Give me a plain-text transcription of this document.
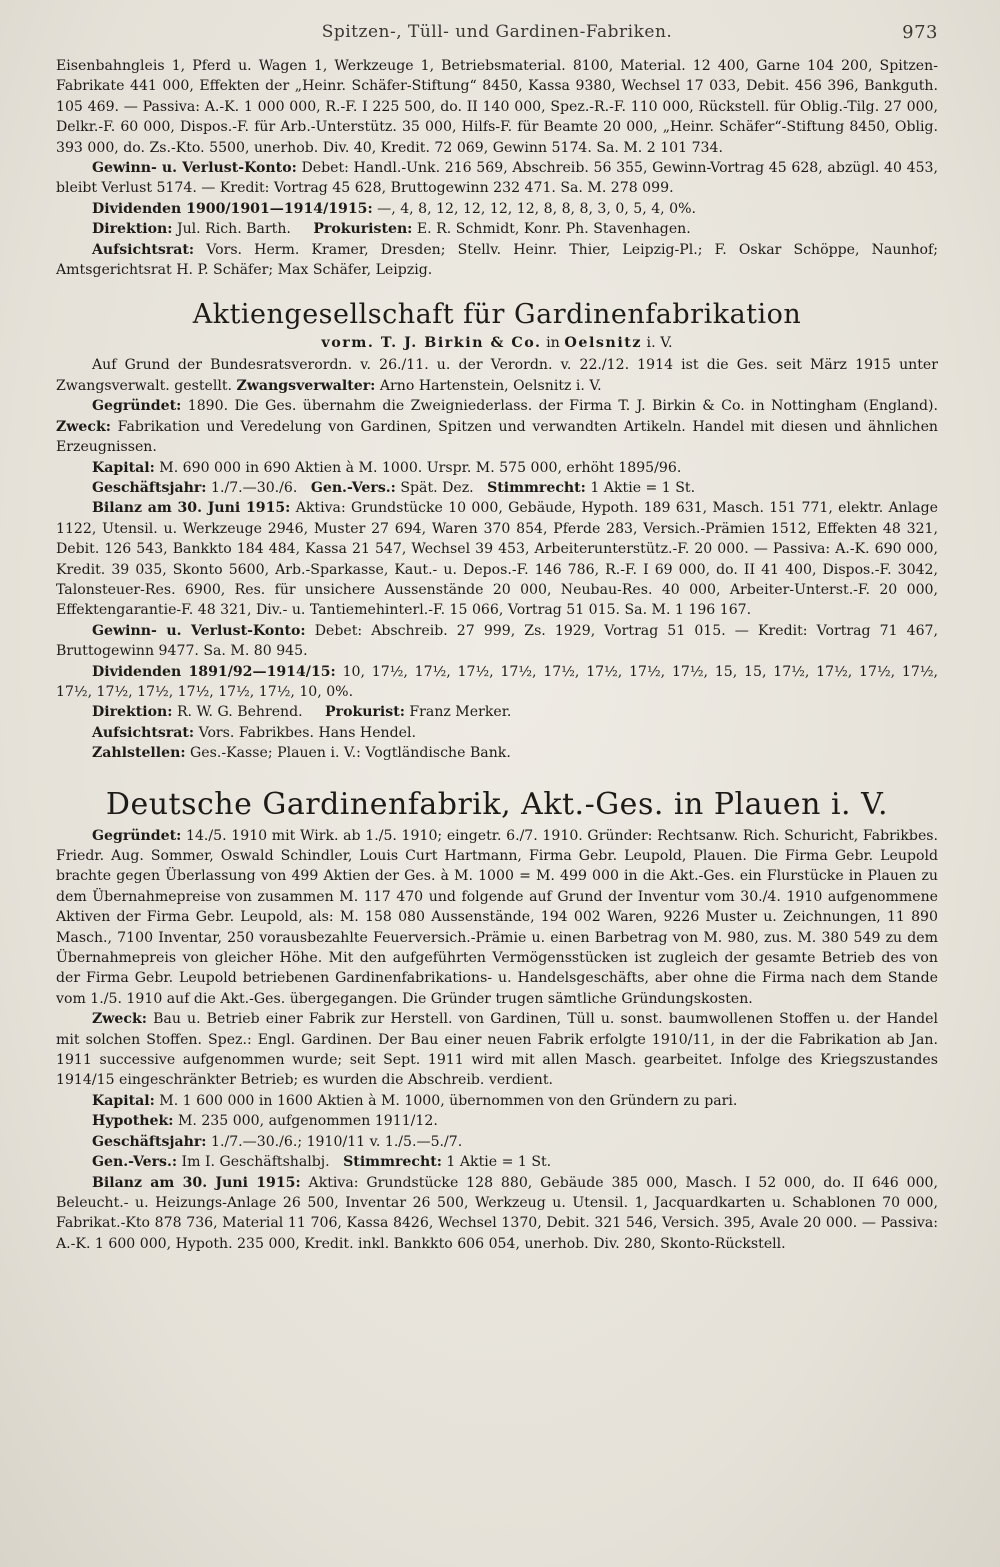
Spitzen-, Tüll- und Gardinen-Fabriken.	973

Eisenbahngleis 1, Pferd u. Wagen 1, Werkzeuge 1, Betriebsmaterial. 8100, Material. 12 400, Garne 104 200, Spitzen-Fabrikate 441 000, Effekten der „Heinr. Schäfer-Stiftung“ 8450, Kassa 9380, Wechsel 17 033, Debit. 456 396, Bankguth. 105 469. — Passiva: A.-K. 1 000 000, R.-F. I 225 500, do. II 140 000, Spez.-R.-F. 110 000, Rückstell. für Oblig.-Tilg. 27 000, Delkr.-F. 60 000, Dispos.-F. für Arb.-Unterstütz. 35 000, Hilfs-F. für Beamte 20 000, „Heinr. Schäfer“-Stiftung 8450, Oblig. 393 000, do. Zs.-Kto. 5500, unerhob. Div. 40, Kredit. 72 069, Gewinn 5174. Sa. M. 2 101 734.

Gewinn- u. Verlust-Konto: Debet: Handl.-Unk. 216 569, Abschreib. 56 355, Gewinn-Vortrag 45 628, abzügl. 40 453, bleibt Verlust 5174. — Kredit: Vortrag 45 628, Bruttogewinn 232 471. Sa. M. 278 099.

Dividenden 1900/1901—1914/1915: —, 4, 8, 12, 12, 12, 12, 8, 8, 8, 3, 0, 5, 4, 0%.

Direktion: Jul. Rich. Barth. Prokuristen: E. R. Schmidt, Konr. Ph. Stavenhagen.

Aufsichtsrat: Vors. Herm. Kramer, Dresden; Stellv. Heinr. Thier, Leipzig-Pl.; F. Oskar Schöppe, Naunhof; Amtsgerichtsrat H. P. Schäfer; Max Schäfer, Leipzig.

Aktiengesellschaft für Gardinenfabrikation
vorm. T. J. Birkin & Co. in Oelsnitz i. V.

Auf Grund der Bundesratsverordn. v. 26./11. u. der Verordn. v. 22./12. 1914 ist die Ges. seit März 1915 unter Zwangsverwalt. gestellt. Zwangsverwalter: Arno Hartenstein, Oelsnitz i. V.

Gegründet: 1890. Die Ges. übernahm die Zweigniederlass. der Firma T. J. Birkin & Co. in Nottingham (England). Zweck: Fabrikation und Veredelung von Gardinen, Spitzen und verwandten Artikeln. Handel mit diesen und ähnlichen Erzeugnissen.

Kapital: M. 690 000 in 690 Aktien à M. 1000. Urspr. M. 575 000, erhöht 1895/96.

Geschäftsjahr: 1./7.—30./6. Gen.-Vers.: Spät. Dez. Stimmrecht: 1 Aktie = 1 St.

Bilanz am 30. Juni 1915: Aktiva: Grundstücke 10 000, Gebäude, Hypoth. 189 631, Masch. 151 771, elektr. Anlage 1122, Utensil. u. Werkzeuge 2946, Muster 27 694, Waren 370 854, Pferde 283, Versich.-Prämien 1512, Effekten 48 321, Debit. 126 543, Bankkto 184 484, Kassa 21 547, Wechsel 39 453, Arbeiterunterstütz.-F. 20 000. — Passiva: A.-K. 690 000, Kredit. 39 035, Skonto 5600, Arb.-Sparkasse, Kaut.- u. Depos.-F. 146 786, R.-F. I 69 000, do. II 41 400, Dispos.-F. 3042, Talonsteuer-Res. 6900, Res. für unsichere Aussenstände 20 000, Neubau-Res. 40 000, Arbeiter-Unterst.-F. 20 000, Effektengarantie-F. 48 321, Div.- u. Tantiemehinterl.-F. 15 066, Vortrag 51 015. Sa. M. 1 196 167.

Gewinn- u. Verlust-Konto: Debet: Abschreib. 27 999, Zs. 1929, Vortrag 51 015. — Kredit: Vortrag 71 467, Bruttogewinn 9477. Sa. M. 80 945.

Dividenden 1891/92—1914/15: 10, 17½, 17½, 17½, 17½, 17½, 17½, 17½, 17½, 15, 15, 17½, 17½, 17½, 17½, 17½, 17½, 17½, 17½, 17½, 17½, 10, 0%.

Direktion: R. W. G. Behrend. Prokurist: Franz Merker.

Aufsichtsrat: Vors. Fabrikbes. Hans Hendel.

Zahlstellen: Ges.-Kasse; Plauen i. V.: Vogtländische Bank.

Deutsche Gardinenfabrik, Akt.-Ges. in Plauen i. V.

Gegründet: 14./5. 1910 mit Wirk. ab 1./5. 1910; eingetr. 6./7. 1910. Gründer: Rechtsanw. Rich. Schuricht, Fabrikbes. Friedr. Aug. Sommer, Oswald Schindler, Louis Curt Hartmann, Firma Gebr. Leupold, Plauen. Die Firma Gebr. Leupold brachte gegen Überlassung von 499 Aktien der Ges. à M. 1000 = M. 499 000 in die Akt.-Ges. ein Flurstücke in Plauen zu dem Übernahmepreise von zusammen M. 117 470 und folgende auf Grund der Inventur vom 30./4. 1910 aufgenommene Aktiven der Firma Gebr. Leupold, als: M. 158 080 Aussenstände, 194 002 Waren, 9226 Muster u. Zeichnungen, 11 890 Masch., 7100 Inventar, 250 vorausbezahlte Feuerversich.-Prämie u. einen Barbetrag von M. 980, zus. M. 380 549 zu dem Übernahmepreis von gleicher Höhe. Mit den aufgeführten Vermögensstücken ist zugleich der gesamte Betrieb des von der Firma Gebr. Leupold betriebenen Gardinenfabrikations- u. Handelsgeschäfts, aber ohne die Firma nach dem Stande vom 1./5. 1910 auf die Akt.-Ges. übergegangen. Die Gründer trugen sämtliche Gründungskosten.

Zweck: Bau u. Betrieb einer Fabrik zur Herstell. von Gardinen, Tüll u. sonst. baumwollenen Stoffen u. der Handel mit solchen Stoffen. Spez.: Engl. Gardinen. Der Bau einer neuen Fabrik erfolgte 1910/11, in der die Fabrikation ab Jan. 1911 successive aufgenommen wurde; seit Sept. 1911 wird mit allen Masch. gearbeitet. Infolge des Kriegszustandes 1914/15 eingeschränkter Betrieb; es wurden die Abschreib. verdient.

Kapital: M. 1 600 000 in 1600 Aktien à M. 1000, übernommen von den Gründern zu pari.

Hypothek: M. 235 000, aufgenommen 1911/12.

Geschäftsjahr: 1./7.—30./6.; 1910/11 v. 1./5.—5./7.

Gen.-Vers.: Im I. Geschäftshalbj. Stimmrecht: 1 Aktie = 1 St.

Bilanz am 30. Juni 1915: Aktiva: Grundstücke 128 880, Gebäude 385 000, Masch. I 52 000, do. II 646 000, Beleucht.- u. Heizungs-Anlage 26 500, Inventar 26 500, Werkzeug u. Utensil. 1, Jacquardkarten u. Schablonen 70 000, Fabrikat.-Kto 878 736, Material 11 706, Kassa 8426, Wechsel 1370, Debit. 321 546, Versich. 395, Avale 20 000. — Passiva: A.-K. 1 600 000, Hypoth. 235 000, Kredit. inkl. Bankkto 606 054, unerhob. Div. 280, Skonto-Rückstell.
